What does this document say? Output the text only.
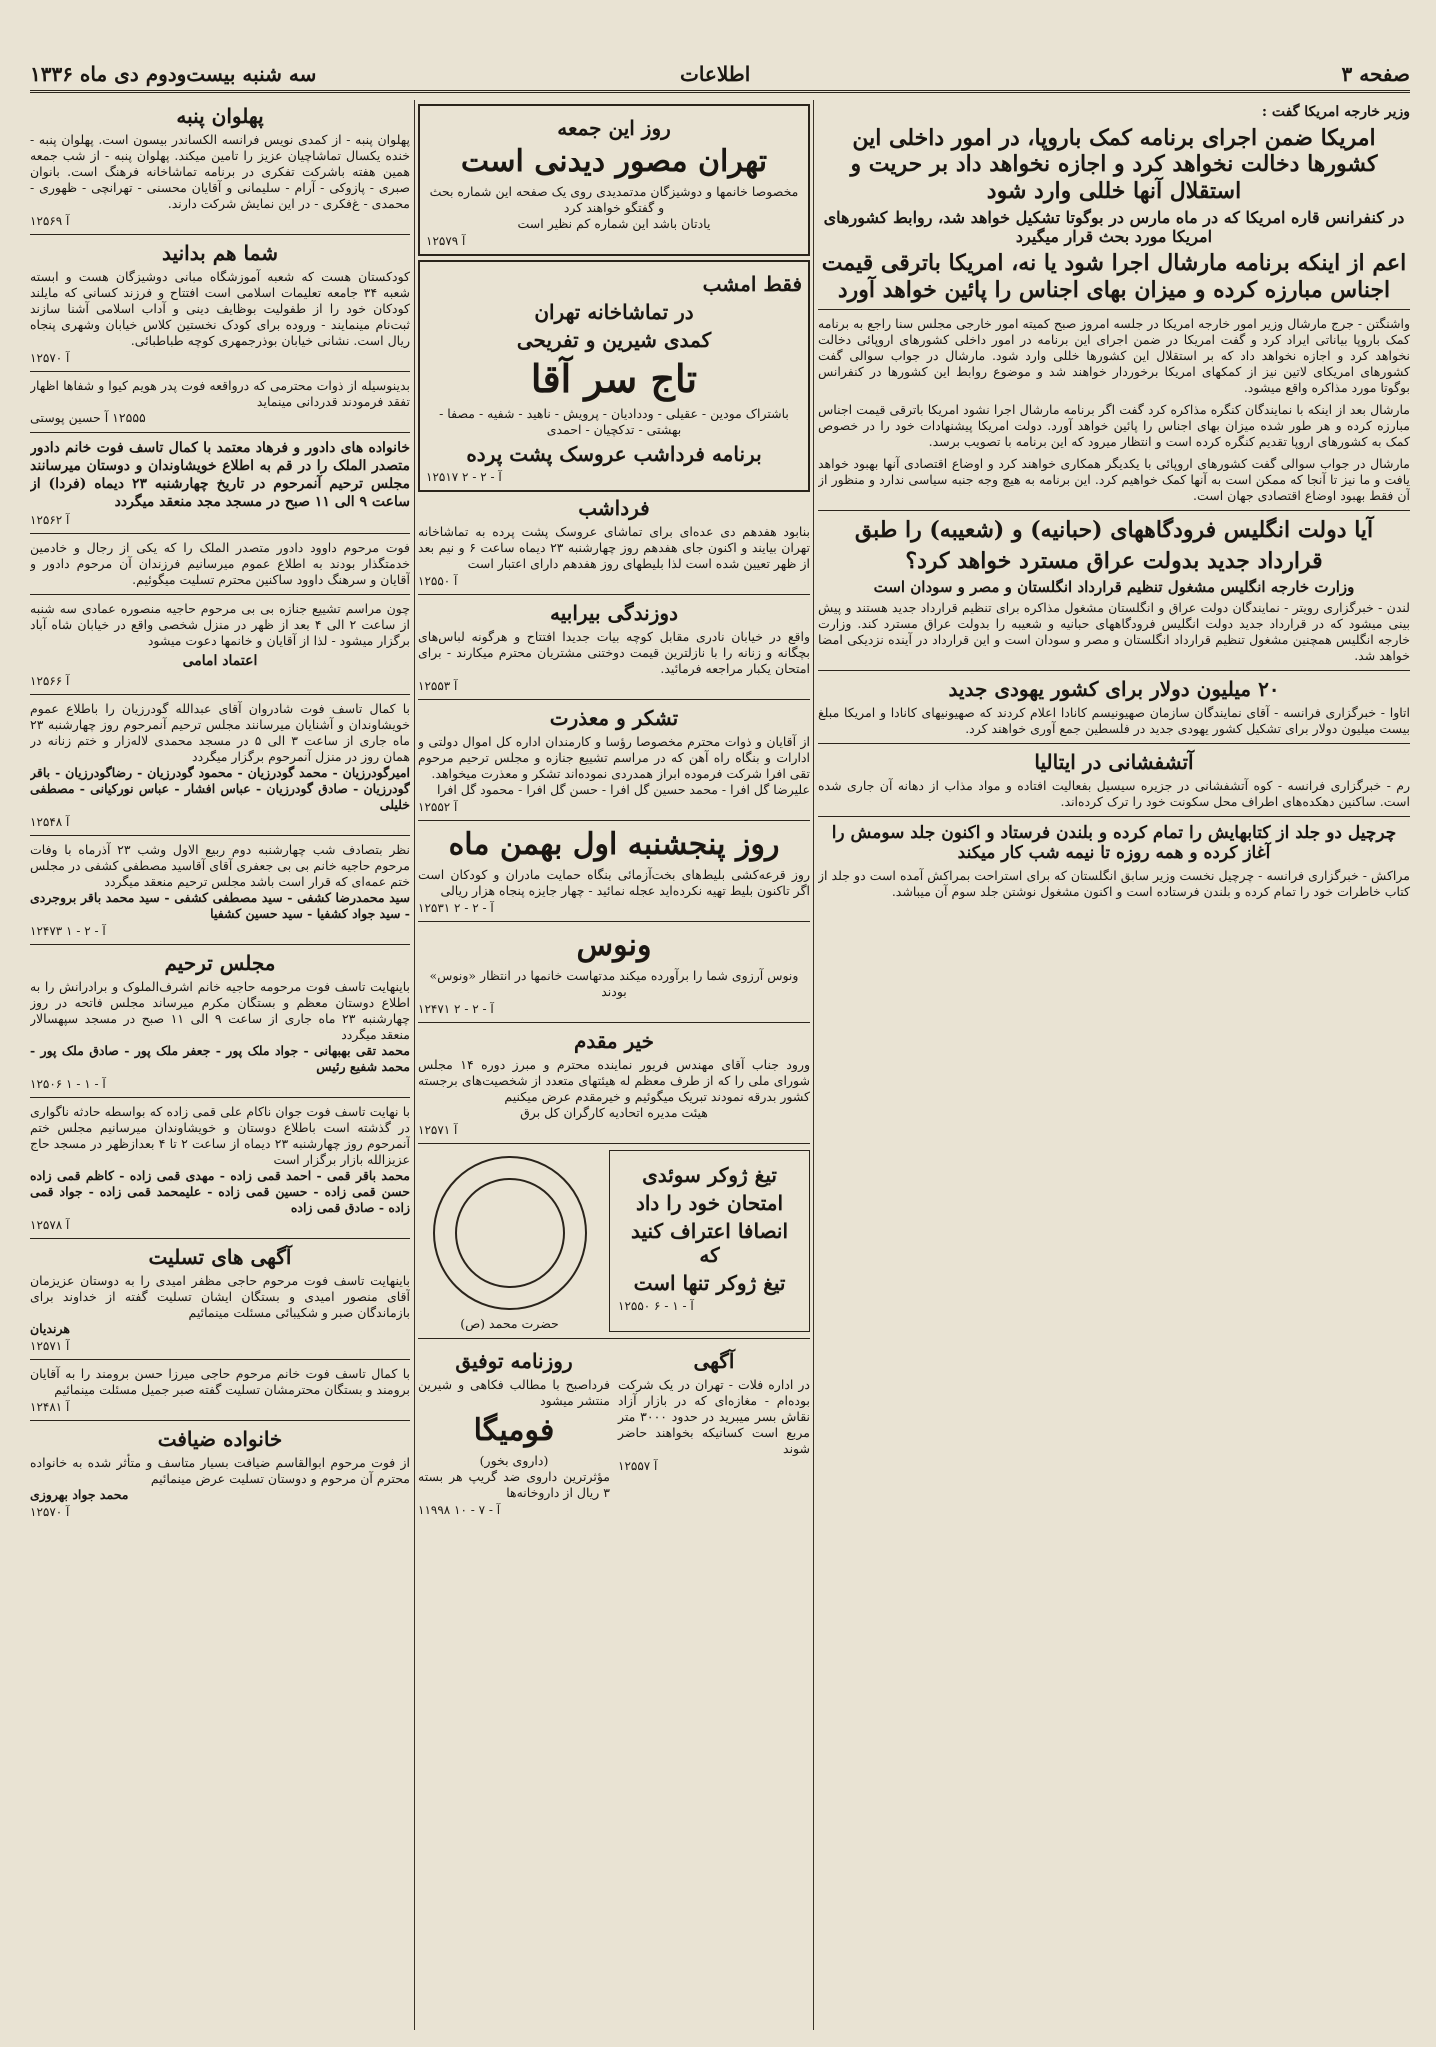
صفحه ۳
اطلاعات
سه شنبه بیست‌ودوم دی ماه ۱۳۳۶
وزیر خارجه امریکا گفت :
امریکا ضمن اجرای برنامه کمک باروپا، در امور داخلی این کشورها دخالت نخواهد کرد و اجازه نخواهد داد بر حریت و استقلال آنها خللی وارد شود
در کنفرانس قاره امریکا که در ماه مارس در بوگوتا تشکیل خواهد شد، روابط کشورهای امریکا مورد بحث قرار میگیرد
اعم از اینکه برنامه مارشال اجرا شود یا نه، امریکا باترقی قیمت اجناس مبارزه کرده و میزان بهای اجناس را پائین خواهد آورد

واشنگتن - جرج مارشال وزیر امور خارجه امریکا در جلسه امروز صبح کمیته امور خارجی مجلس سنا راجع به برنامه کمک باروپا بیاناتی ایراد کرد و گفت امریکا در ضمن اجرای این برنامه در امور داخلی کشورهای اروپائی دخالت نخواهد کرد و اجازه نخواهد داد که بر استقلال این کشورها خللی وارد شود. مارشال در جواب سوالی گفت کشورهای امریکای لاتین نیز از کمکهای امریکا برخوردار خواهند شد و موضوع روابط این کشورها در کنفرانس بوگوتا مورد مذاکره واقع میشود.

مارشال بعد از اینکه با نمایندگان کنگره مذاکره کرد گفت اگر برنامه مارشال اجرا نشود امریکا باترقی قیمت اجناس مبارزه کرده و هر طور شده میزان بهای اجناس را پائین خواهد آورد. دولت امریکا پیشنهادات خود را در خصوص کمک به کشورهای اروپا تقدیم کنگره کرده است و انتظار میرود که این برنامه با تصویب برسد.

مارشال در جواب سوالی گفت کشورهای اروپائی با یکدیگر همکاری خواهند کرد و اوضاع اقتصادی آنها بهبود خواهد یافت و ما نیز تا آنجا که ممکن است به آنها کمک خواهیم کرد. این برنامه به هیچ وجه جنبه سیاسی ندارد و منظور از آن فقط بهبود اوضاع اقتصادی جهان است.

آیا دولت انگلیس فرودگاههای (حبانیه) و (شعیبه) را طبق
قرارداد جدید بدولت عراق مسترد خواهد کرد؟
وزارت خارجه انگلیس مشغول تنظیم قرارداد انگلستان و مصر و سودان است

لندن - خبرگزاری رویتر - نمایندگان دولت عراق و انگلستان مشغول مذاکره برای تنظیم قرارداد جدید هستند و پیش بینی میشود که در قرارداد جدید دولت انگلیس فرودگاههای حبانیه و شعیبه را بدولت عراق مسترد کند. وزارت خارجه انگلیس همچنین مشغول تنظیم قرارداد انگلستان و مصر و سودان است و این قرارداد در آینده نزدیکی امضا خواهد شد.

۲۰ میلیون دولار برای کشور یهودی جدید

اتاوا - خبرگزاری فرانسه - آقای نمایندگان سازمان صهیونیسم کانادا اعلام کردند که صهیونیهای کانادا و امریکا مبلغ بیست میلیون دولار برای تشکیل کشور یهودی جدید در فلسطین جمع آوری خواهند کرد.

آتشفشانی در ایتالیا

رم - خبرگزاری فرانسه - کوه آتشفشانی در جزیره سیسیل بفعالیت افتاده و مواد مذاب از دهانه آن جاری شده است. ساکنین دهکده‌های اطراف محل سکونت خود را ترک کرده‌اند.

چرچیل دو جلد از کتابهایش را تمام کرده و بلندن فرستاد و اکنون جلد سومش را آغاز کرده و همه روزه تا نیمه شب کار میکند

مراکش - خبرگزاری فرانسه - چرچیل نخست وزیر سابق انگلستان که برای استراحت بمراکش آمده است دو جلد از کتاب خاطرات خود را تمام کرده و بلندن فرستاده است و اکنون مشغول نوشتن جلد سوم آن میباشد.

روز این جمعه
تهران مصور دیدنی است

مخصوصا خانمها و دوشیزگان مدتمدیدی روی یک صفحه این شماره بحث و گفتگو خواهند کرد

یادتان باشد این شماره کم نظیر است

۱۲۵۷۹ آ
فقط امشب
در تماشاخانه تهران
کمدی شیرین و تفریحی
تاج سر آقا

باشتراک مودین - عقیلی - وددادیان - پرویش - ناهید - شفیه - مصفا - بهشتی - تدکچیان - احمدی

برنامه فرداشب عروسک پشت پرده
۱۲۵۱۷ آ - ۲ - ۲
فرداشب

بنابود هفدهم دی عده‌ای برای تماشای عروسک پشت پرده به تماشاخانه تهران بیایند و اکنون جای هفدهم روز چهارشنبه ۲۳ دیماه ساعت ۶ و نیم بعد از ظهر تعیین شده است لذا بلیطهای روز هفدهم دارای اعتبار است

۱۲۵۵۰ آ
دوزندگی بیرابیه

واقع در خیابان نادری مقابل کوچه بیات جدیدا افتتاح و هرگونه لباس‌های بچگانه و زنانه را با نازلترین قیمت دوختنی مشتریان محترم میکارند - برای امتحان یکبار مراجعه فرمائید.

۱۲۵۵۳ آ
تشکر و معذرت

از آقایان و ذوات محترم مخصوصا رؤسا و کارمندان اداره کل اموال دولتی و ادارات و بنگاه راه آهن که در مراسم تشییع جنازه و مجلس ترحیم مرحوم تقی افرا شرکت فرموده ابراز همدردی نموده‌اند تشکر و معذرت میخواهد.

علیرضا گل افرا - محمد حسین گل افرا - حسن گل افرا - محمود گل افرا

۱۲۵۵۲ آ
روز پنجشنبه اول بهمن ماه

روز قرعه‌کشی بلیط‌های بخت‌آزمائی بنگاه حمایت مادران و کودکان است اگر تاکنون بلیط تهیه نکرده‌اید عجله نمائید - چهار جایزه پنجاه هزار ریالی

۱۲۵۳۱ آ - ۲ - ۲
ونوس

ونوس آرزوی شما را برآورده میکند مدتهاست خانمها در انتظار «ونوس» بودند

۱۲۴۷۱ آ - ۲ - ۲
خیر مقدم

ورود جناب آقای مهندس فریور نماینده محترم و مبرز دوره ۱۴ مجلس شورای ملی را که از طرف معظم له هیئتهای متعدد از شخصیت‌های برجسته کشور بدرقه نمودند تبریک میگوئیم و خیرمقدم عرض میکنیم

هیئت مدیره اتحادیه کارگران کل برق

۱۲۵۷۱ آ
تیغ ژوکر سوئدی
امتحان خود را داد
انصافا اعتراف کنید که
تیغ ژوکر تنها است
۱۲۵۵۰ آ - ۱ - ۶

حضرت محمد (ص)

آگهی

در اداره فلات - تهران در یک شرکت بوده‌ام - مغازه‌ای که در بازار آزاد نقاش بسر میبرید در حدود ۳۰۰۰ متر مربع است کسانیکه بخواهند حاضر شوند

۱۲۵۵۷ آ
روزنامه توفیق

فرداصبح با مطالب فکاهی و شیرین منتشر میشود

فومیگا

(داروی بخور)

مؤثرترین داروی ضد گریپ هر بسته ۳ ریال از داروخانه‌ها

۱۱۹۹۸ آ - ۷ - ۱۰
پهلوان پنبه

پهلوان پنبه - از کمدی نویس فرانسه الکساندر بیسون است. پهلوان پنبه - خنده یکسال تماشاچیان عزیز را تامین میکند. پهلوان پنبه - از شب جمعه همین هفته باشرکت تفکری در برنامه تماشاخانه فرهنگ است. بانوان صبری - پازوکی - آرام - سلیمانی و آقایان محسنی - تهرانچی - ظهوری - محمدی - غ‌فکری - در این نمایش شرکت دارند.

۱۲۵۶۹ آ
شما هم بدانید

کودکستان هست که شعبه آموزشگاه مبانی دوشیزگان هست و ابسته شعبه ۳۴ جامعه تعلیمات اسلامی است افتتاح و فرزند کسانی که مایلند کودکان خود را از طفولیت بوظایف دینی و آداب اسلامی آشنا سازند ثبت‌نام مینمایند - وروده برای کودک نخستین کلاس خیابان وشهری پنجاه ریال است. نشانی خیابان بوذرجمهری کوچه طباطبائی.

۱۲۵۷۰ آ

بدینوسیله از ذوات محترمی که درواقعه فوت پدر هویم کیوا و شفاها اظهار تفقد فرمودند قدردانی مینماید

۱۲۵۵۵ آ حسین پوستی

خانواده های دادور و فرهاد معتمد با کمال تاسف فوت خانم دادور متصدر الملک را در قم به اطلاع خویشاوندان و دوستان میرسانند مجلس ترحیم آنمرحوم در تاریخ چهارشنبه ۲۳ دیماه (فردا) از ساعت ۹ الی ۱۱ صبح در مسجد مجد منعقد میگردد

۱۲۵۶۲ آ

فوت مرحوم داوود دادور متصدر الملک را که یکی از رجال و خادمین خدمتگذار بودند به اطلاع عموم میرسانیم فرزندان آن مرحوم دادور و آقایان و سرهنگ داوود ساکنین محترم تسلیت میگوئیم.

چون مراسم تشییع جنازه بی بی مرحوم حاجیه منصوره عمادی سه شنبه از ساعت ۲ الی ۴ بعد از ظهر در منزل شخصی واقع در خیابان شاه آباد برگزار میشود - لذا از آقایان و خانمها دعوت میشود

اعتماد امامی
۱۲۵۶۶ آ

با کمال تاسف فوت شادروان آقای عبدالله گودرزیان را باطلاع عموم خویشاوندان و آشنایان میرسانند مجلس ترحیم آنمرحوم روز چهارشنبه ۲۳ ماه جاری از ساعت ۳ الی ۵ در مسجد محمدی لاله‌زار و ختم زنانه در همان روز در منزل آنمرحوم برگزار میگردد

امیرگودرزیان - محمد گودرزیان - محمود گودرزیان - رضاگودرزیان - باقر گودرزیان - صادق گودرزیان - عباس افشار - عباس نورکیانی - مصطفی خلیلی

۱۲۵۴۸ آ

نظر بتصادف شب چهارشنبه دوم ربیع الاول وشب ۲۳ آذرماه با وفات مرحوم حاجیه خانم بی بی جعفری آقای آقاسید مصطفی کشفی در مجلس ختم عمه‌ای که قرار است باشد مجلس ترحیم منعقد میگردد

سید محمدرضا کشفی - سید مصطفی کشفی - سید محمد باقر بروجردی - سید جواد کشفیا - سید حسین کشفیا

۱۲۴۷۳ آ - ۲ - ۱
مجلس ترحیم

باینهایت تاسف فوت مرحومه حاجیه خانم اشرف‌الملوک و برادرانش را به اطلاع دوستان معظم و بستگان مکرم میرساند مجلس فاتحه در روز چهارشنبه ۲۳ ماه جاری از ساعت ۹ الی ۱۱ صبح در مسجد سپهسالار منعقد میگردد

محمد تقی بهبهانی - جواد ملک پور - جعفر ملک پور - صادق ملک پور - محمد شفیع رئیس

۱۲۵۰۶ آ - ۱ - ۱

با نهایت تاسف فوت جوان ناکام علی قمی زاده که بواسطه حادثه ناگواری در گذشته است باطلاع دوستان و خویشاوندان میرسانیم مجلس ختم آنمرحوم روز چهارشنبه ۲۳ دیماه از ساعت ۲ تا ۴ بعدازظهر در مسجد حاج عزیزالله بازار برگزار است

محمد باقر قمی - احمد قمی زاده - مهدی قمی زاده - کاظم قمی زاده حسن قمی زاده - حسین قمی زاده - علیمحمد قمی زاده - جواد قمی زاده - صادق قمی زاده

۱۲۵۷۸ آ
آگهی های تسلیت

باینهایت تاسف فوت مرحوم حاجی مظفر امیدی را به دوستان عزیزمان آقای منصور امیدی و بستگان ایشان تسلیت گفته از خداوند برای بازماندگان صبر و شکیبائی مسئلت مینمائیم

هرندیان

۱۲۵۷۱ آ

با کمال تاسف فوت خانم مرحوم حاجی میرزا حسن برومند را به آقایان برومند و بستگان محترمشان تسلیت گفته صبر جمیل مسئلت مینمائیم

۱۲۴۸۱ آ
خانواده ضیافت

از فوت مرحوم ابوالقاسم ضیافت بسیار متاسف و متأثر شده به خانواده محترم آن مرحوم و دوستان تسلیت عرض مینمائیم

محمد جواد بهروزی

۱۲۵۷۰ آ
